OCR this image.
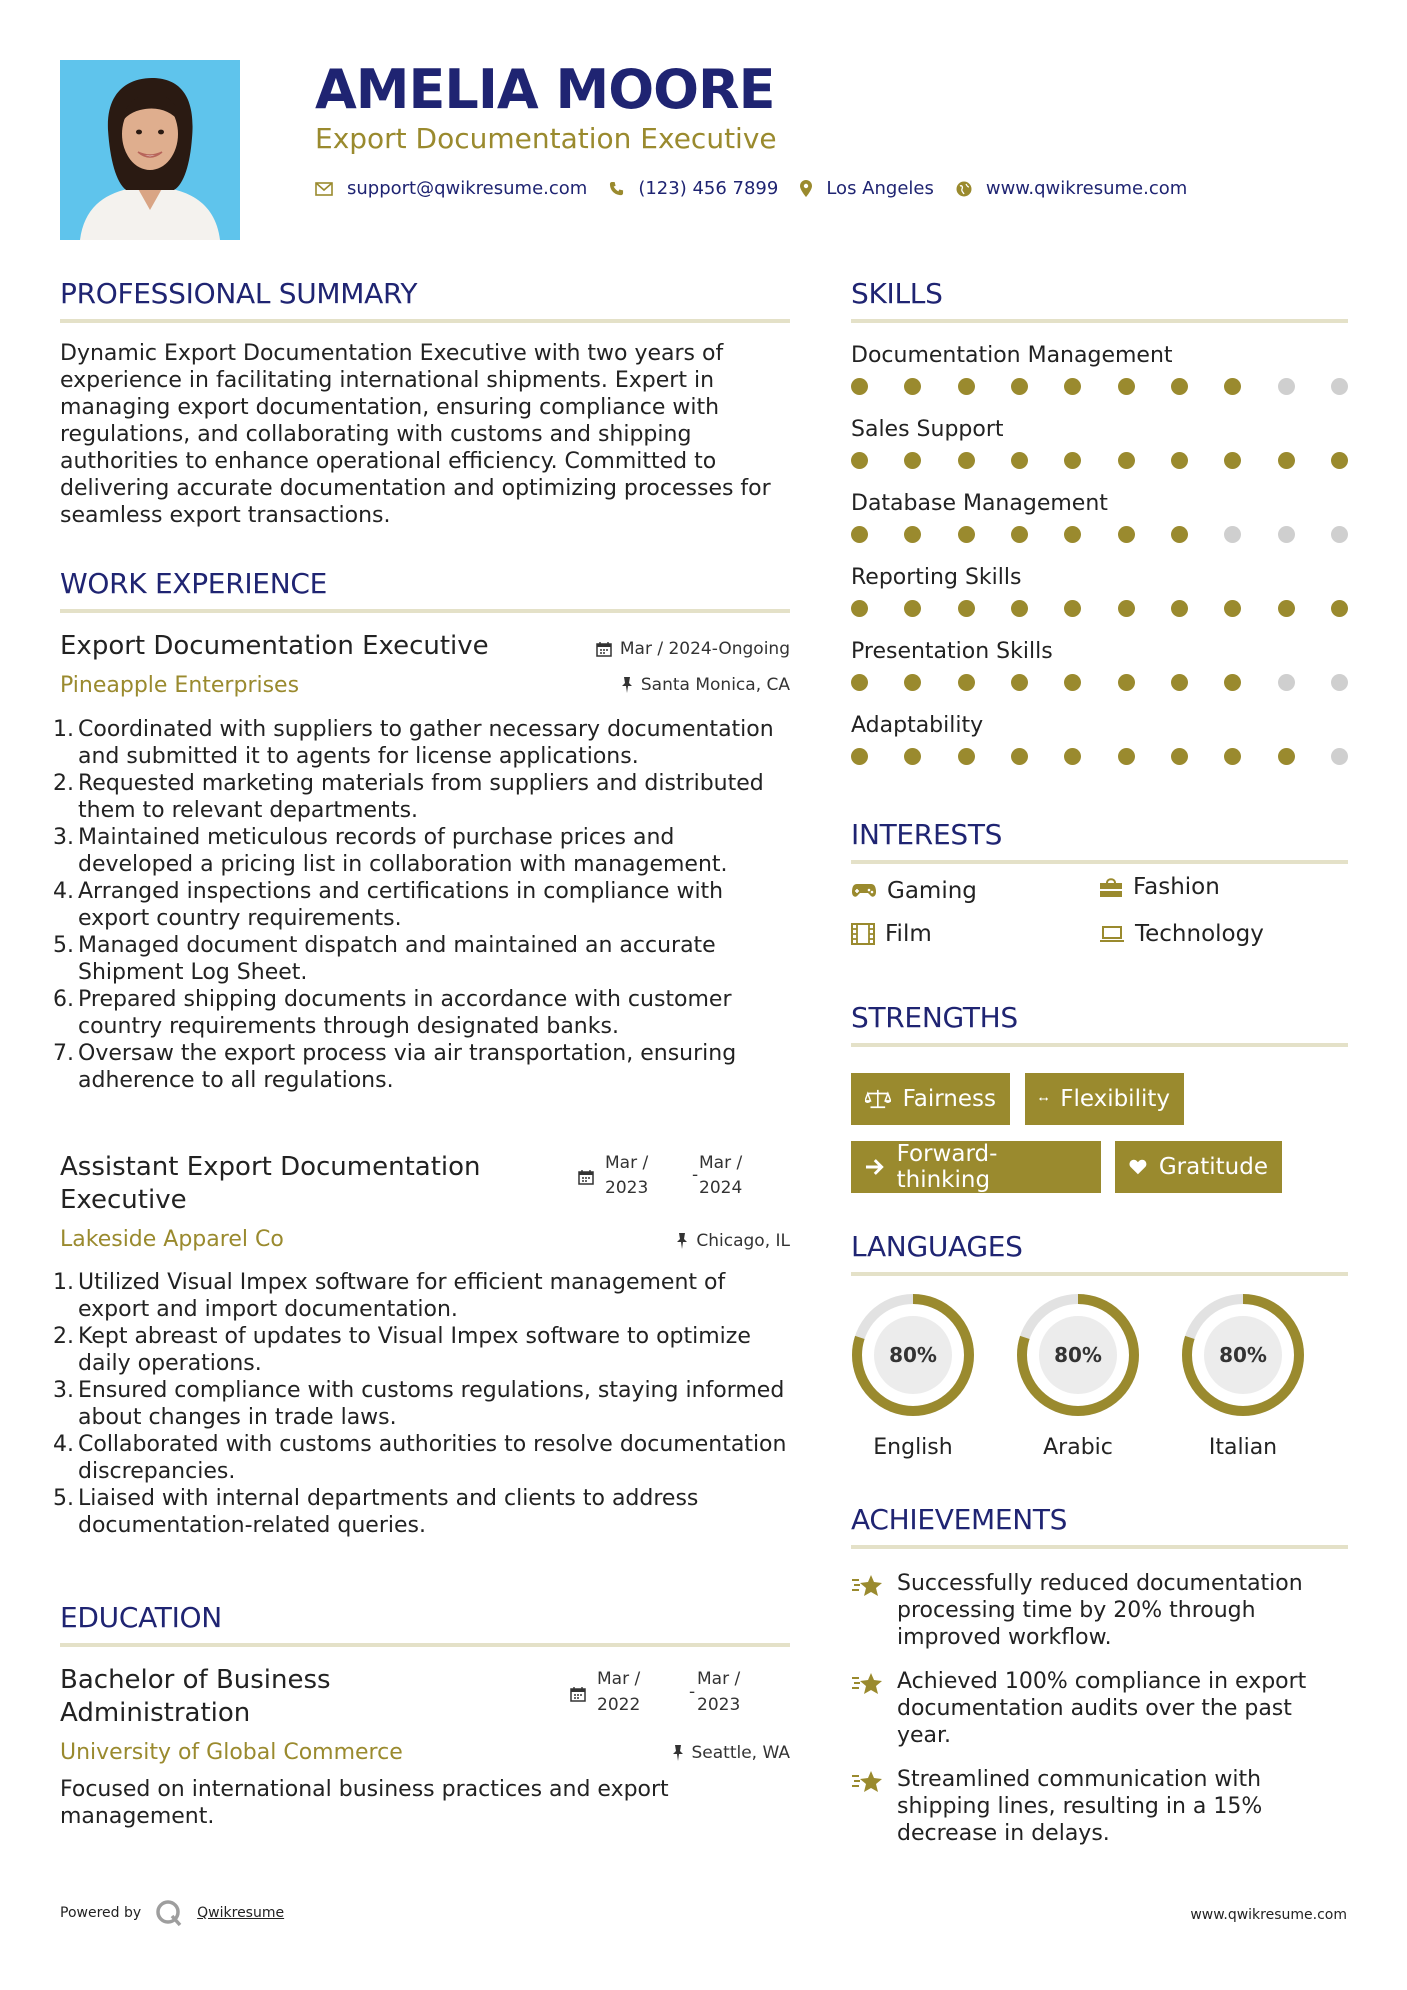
AMELIA MOORE
Export Documentation Executive
support@qwikresume.com	(123) 456 7899	Los Angeles	www.qwikresume.com
PROFESSIONAL SUMMARY
Dynamic Export Documentation Executive with two years of experience in facilitating international shipments. Expert in managing export documentation, ensuring compliance with regulations, and collaborating with customs and shipping authorities to enhance operational efficiency. Committed to delivering accurate documentation and optimizing processes for seamless export transactions.
WORK EXPERIENCE
Export Documentation Executive	Mar / 2024-Ongoing
Pineapple Enterprises	Santa Monica, CA
1. Coordinated with suppliers to gather necessary documentation and submitted it to agents for license applications.
2. Requested marketing materials from suppliers and distributed them to relevant departments.
3. Maintained meticulous records of purchase prices and developed a pricing list in collaboration with management.
4. Arranged inspections and certifications in compliance with export country requirements.
5. Managed document dispatch and maintained an accurate Shipment Log Sheet.
6. Prepared shipping documents in accordance with customer country requirements through designated banks.
7. Oversaw the export process via air transportation, ensuring adherence to all regulations.
Assistant Export Documentation Executive
Mar / 2023
-
Mar / 2024
Lakeside Apparel Co	Chicago, IL
1. Utilized Visual Impex software for efficient management of export and import documentation.
2. Kept abreast of updates to Visual Impex software to optimize daily operations.
3. Ensured compliance with customs regulations, staying informed about changes in trade laws.
4. Collaborated with customs authorities to resolve documentation discrepancies.
5. Liaised with internal departments and clients to address documentation-related queries.
EDUCATION
Bachelor of Business Administration
Mar / 2022
-
Mar / 2023
University of Global Commerce	Seattle, WA
Focused on international business practices and export management.
SKILLS
Documentation Management
Sales Support
Database Management
Reporting Skills
Presentation Skills
Adaptability
INTERESTS
Gaming	Fashion
Film	Technology
STRENGTHS
Fairness	Flexibility
Forward-thinking	Gratitude
LANGUAGES
80%
English
80%
Arabic
80%
Italian
ACHIEVEMENTS
Successfully reduced documentation processing time by 20% through improved workflow.
Achieved 100% compliance in export documentation audits over the past year.
Streamlined communication with shipping lines, resulting in a 15% decrease in delays.
Powered by	Qwikresume	www.qwikresume.com
